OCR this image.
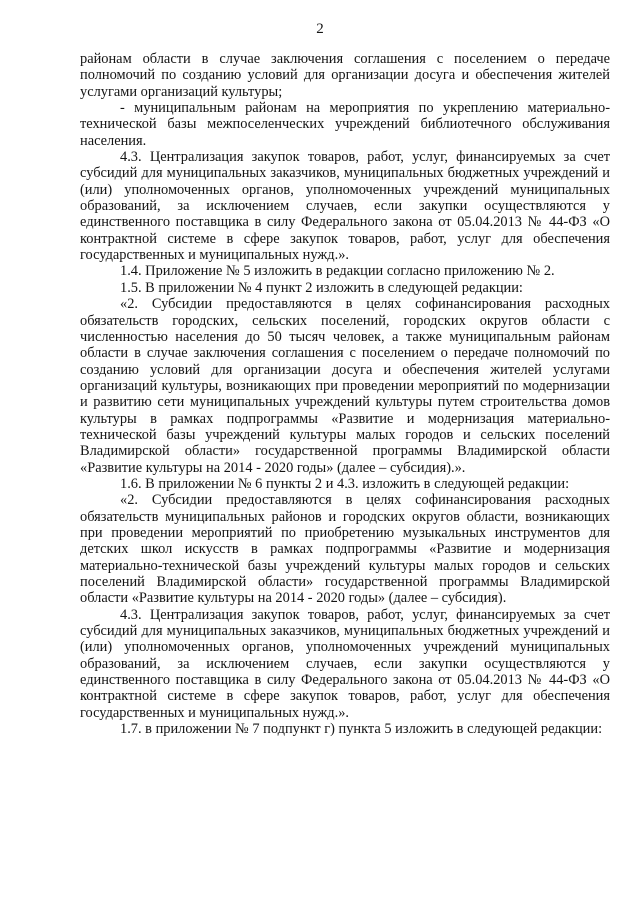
2

районам области в случае заключения соглашения с поселением о передаче полномочий по созданию условий для организации досуга и обеспечения жителей услугами организаций культуры;

- муниципальным районам на мероприятия по укреплению материально-технической базы межпоселенческих учреждений библиотечного обслуживания населения.

4.3. Централизация закупок товаров, работ, услуг, финансируемых за счет субсидий для муниципальных заказчиков, муниципальных бюджетных учреждений и (или) уполномоченных органов, уполномоченных учреждений муниципальных образований, за исключением случаев, если закупки осуществляются у единственного поставщика в силу Федерального закона от 05.04.2013 № 44-ФЗ «О контрактной системе в сфере закупок товаров, работ, услуг для обеспечения государственных и муниципальных нужд.».

1.4. Приложение № 5 изложить в редакции согласно приложению № 2.

1.5. В приложении № 4 пункт 2 изложить в следующей редакции:

«2. Субсидии предоставляются в целях софинансирования расходных обязательств городских, сельских поселений, городских округов области с численностью населения до 50 тысяч человек, а также муниципальным районам области в случае заключения соглашения с поселением о передаче полномочий по созданию условий для организации досуга и обеспечения жителей услугами организаций культуры, возникающих при проведении мероприятий по модернизации и развитию сети муниципальных учреждений культуры путем строительства домов культуры в рамках подпрограммы «Развитие и модернизация материально-технической базы учреждений культуры малых городов и сельских поселений Владимирской области» государственной программы Владимирской области «Развитие культуры на 2014 - 2020 годы» (далее – субсидия).».

1.6. В приложении № 6 пункты 2 и 4.3. изложить в следующей редакции:

«2. Субсидии предоставляются в целях софинансирования расходных обязательств муниципальных районов и городских округов области, возникающих при проведении мероприятий по приобретению музыкальных инструментов для детских школ искусств в рамках подпрограммы «Развитие и модернизация материально-технической базы учреждений культуры малых городов и сельских поселений Владимирской области» государственной программы Владимирской области «Развитие культуры на 2014 - 2020 годы» (далее – субсидия).

4.3. Централизация закупок товаров, работ, услуг, финансируемых за счет субсидий для муниципальных заказчиков, муниципальных бюджетных учреждений и (или) уполномоченных органов, уполномоченных учреждений муниципальных образований, за исключением случаев, если закупки осуществляются у единственного поставщика в силу Федерального закона от 05.04.2013 № 44-ФЗ «О контрактной системе в сфере закупок товаров, работ, услуг для обеспечения государственных и муниципальных нужд.».

1.7. в приложении № 7 подпункт г) пункта 5 изложить в следующей редакции:
